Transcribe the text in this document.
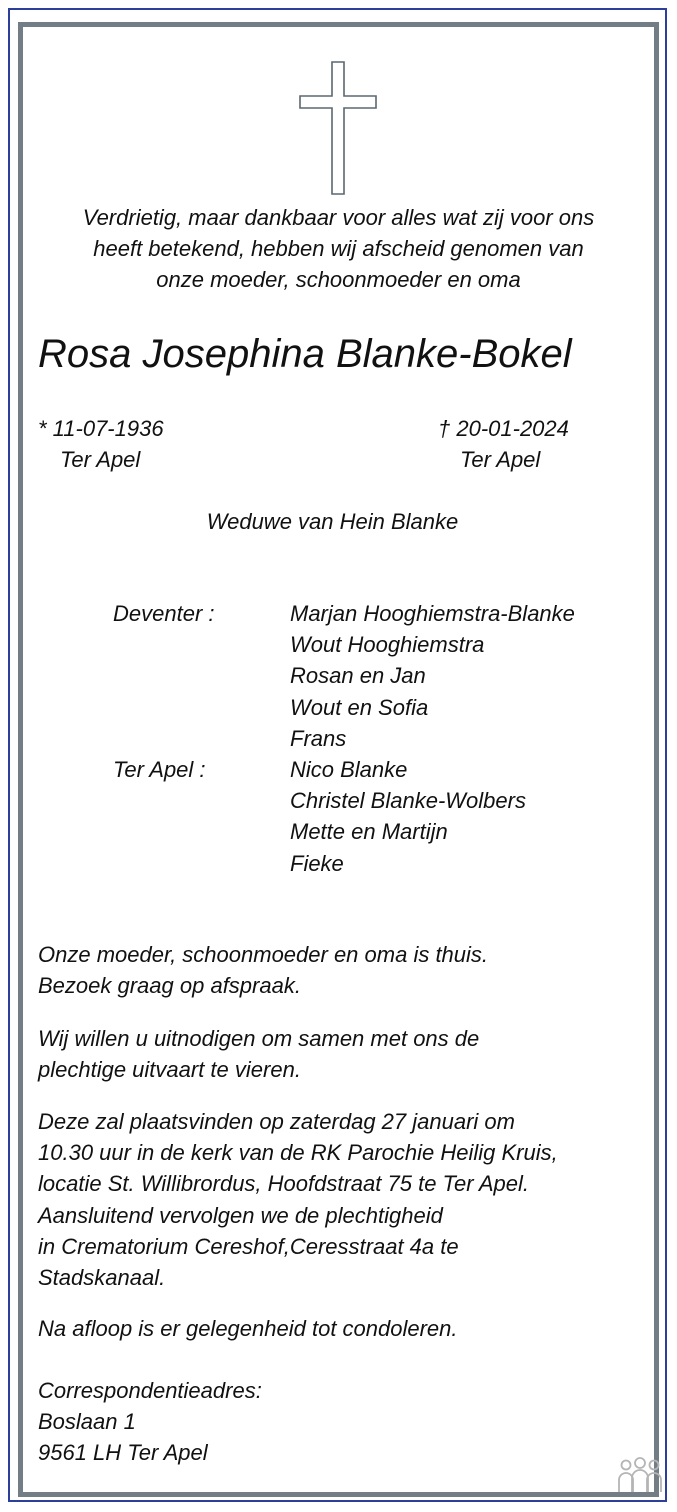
Verdrietig, maar dankbaar voor alles wat zij voor ons
heeft betekend, hebben wij afscheid genomen van
onze moeder, schoonmoeder en oma
Rosa Josephina Blanke-Bokel
* 11-07-1936
Ter Apel
† 20-01-2024
Ter Apel
Weduwe van Hein Blanke
Deventer :	Marjan Hooghiemstra-Blanke
Wout Hooghiemstra
Rosan en Jan
Wout en Sofia
Frans
Ter Apel :	Nico Blanke
Christel Blanke-Wolbers
Mette en Martijn
Fieke
Onze moeder, schoonmoeder en oma is thuis.
Bezoek graag op afspraak.
Wij willen u uitnodigen om samen met ons de
plechtige uitvaart te vieren.
Deze zal plaatsvinden op zaterdag 27 januari om
10.30 uur in de kerk van de RK Parochie Heilig Kruis,
locatie St. Willibrordus, Hoofdstraat 75 te Ter Apel.
Aansluitend vervolgen we de plechtigheid
in Crematorium Cereshof,Ceresstraat 4a te
Stadskanaal.
Na afloop is er gelegenheid tot condoleren.
Correspondentieadres:
Boslaan 1
9561 LH Ter Apel
